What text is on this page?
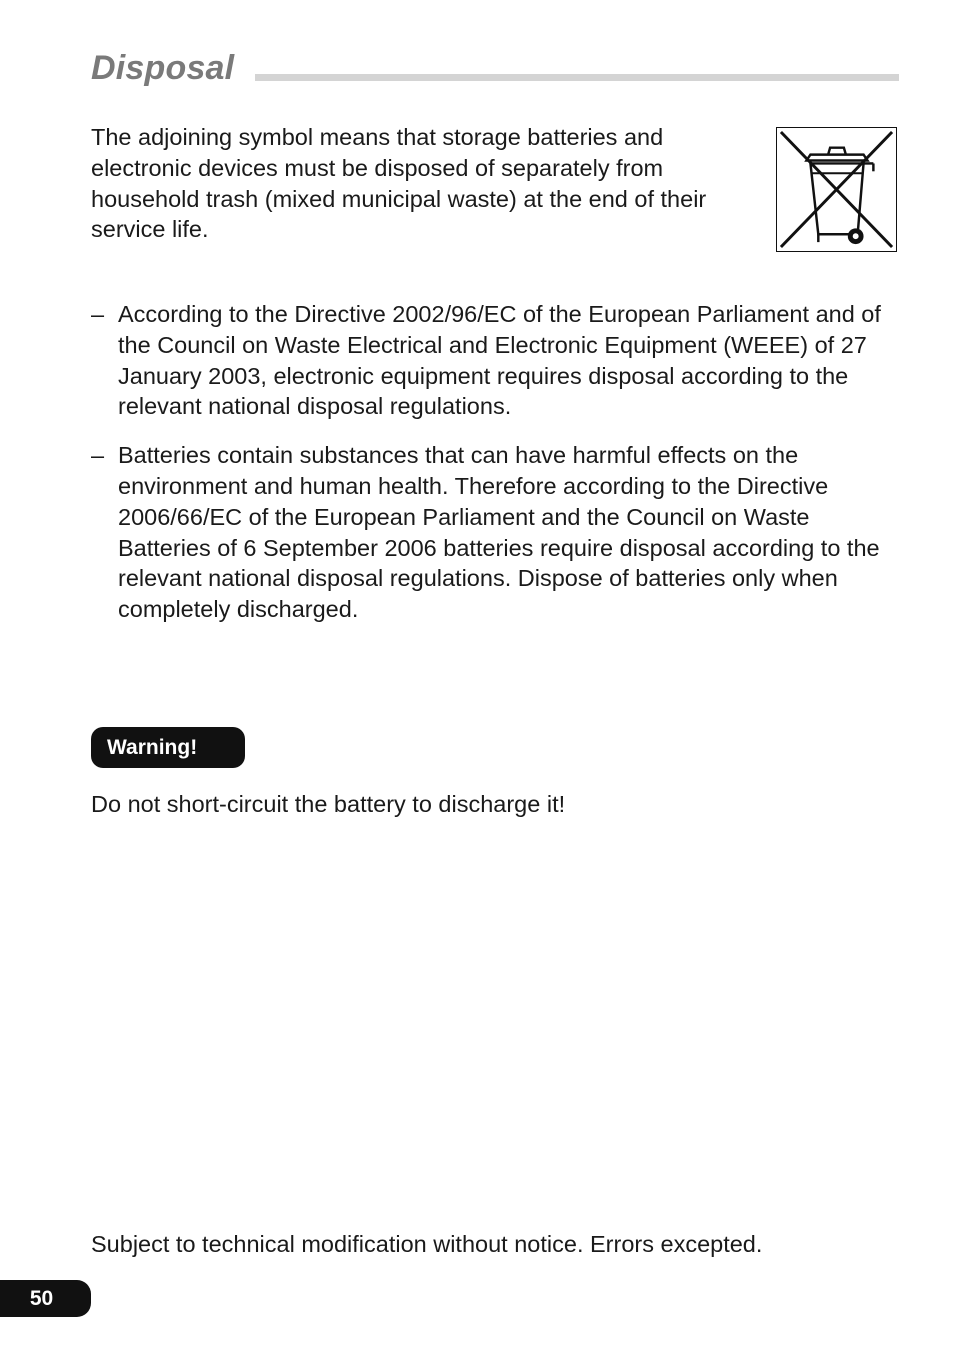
Disposal

The adjoining symbol means that storage batteries and electronic devices must be disposed of separately from household trash (mixed municipal waste) at the end of their service life.

– According to the Directive 2002/96/EC of the European Parliament and of the Council on Waste Electrical and Electronic Equipment (WEEE) of 27 January 2003, electronic equipment requires disposal according to the relevant national disposal regulations.
– Batteries contain substances that can have harmful effects on the environment and human health. Therefore according to the Directive 2006/66/EC of the European Parliament and the Council on Waste Batteries of 6 September 2006 batteries require disposal according to the relevant national disposal regulations. Dispose of batteries only when completely discharged.
Warning!
Do not short-circuit the battery to discharge it!
Subject to technical modification without notice. Errors excepted.
50
